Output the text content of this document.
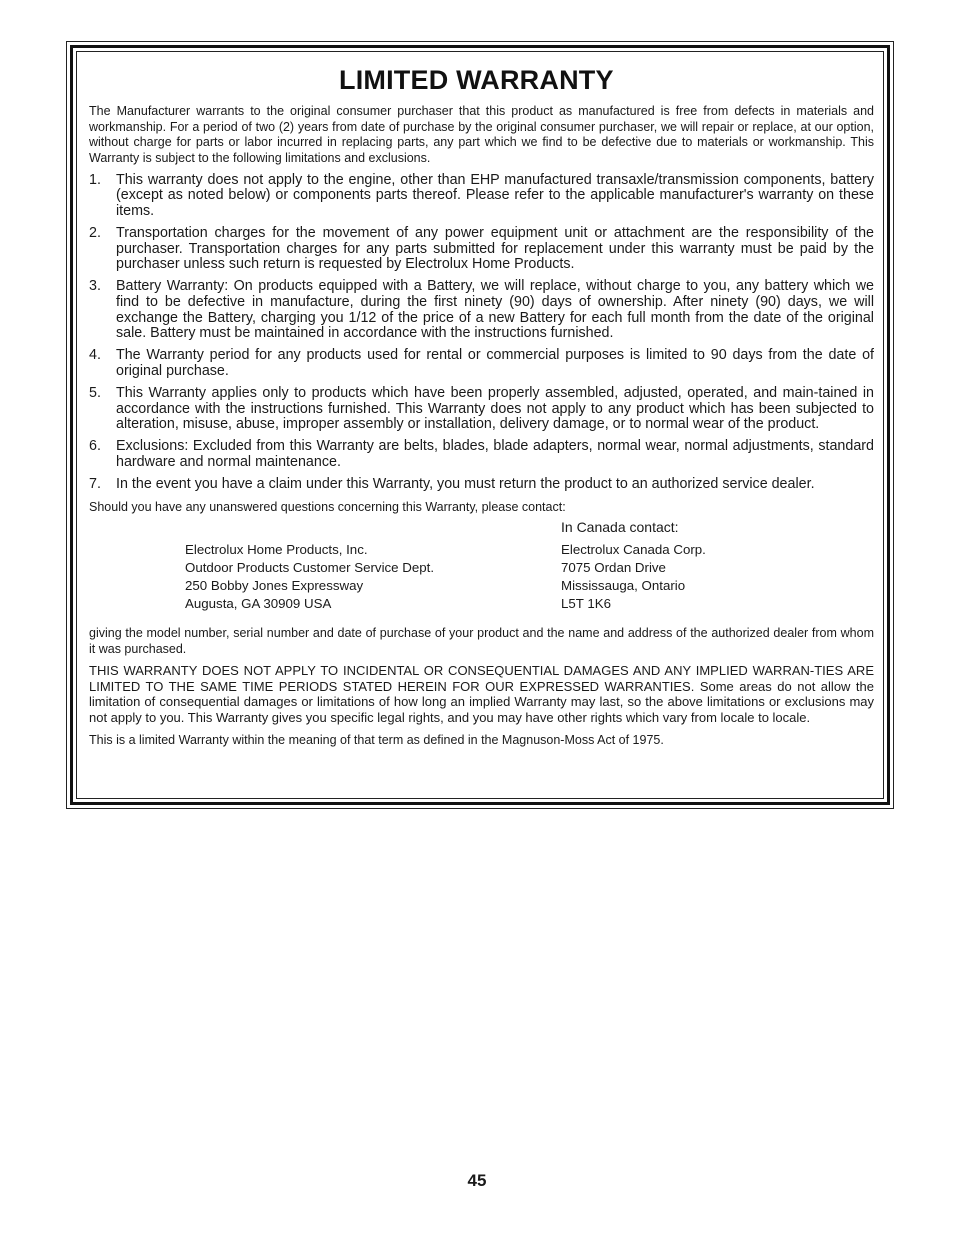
LIMITED WARRANTY

The Manufacturer warrants to the original consumer purchaser that this product as manufactured is free from defects in materials and workmanship. For a period of two (2) years from date of purchase by the original consumer purchaser, we will repair or replace, at our option, without charge for parts or labor incurred in replacing parts, any part which we find to be defective due to materials or workmanship. This Warranty is subject to the following limitations and exclusions.

1. This warranty does not apply to the engine, other than EHP manufactured transaxle/transmission components, battery (except as noted below) or components parts thereof. Please refer to the applicable manufacturer's warranty on these items.
2. Transportation charges for the movement of any power equipment unit or attachment are the responsibility of the purchaser. Transportation charges for any parts submitted for replacement under this warranty must be paid by the purchaser unless such return is requested by Electrolux Home Products.
3. Battery Warranty: On products equipped with a Battery, we will replace, without charge to you, any battery which we find to be defective in manufacture, during the first ninety (90) days of ownership. After ninety (90) days, we will exchange the Battery, charging you 1/12 of the price of a new Battery for each full month from the date of the original sale. Battery must be maintained in accordance with the instructions furnished.
4. The Warranty period for any products used for rental or commercial purposes is limited to 90 days from the date of original purchase.
5. This Warranty applies only to products which have been properly assembled, adjusted, operated, and main-tained in accordance with the instructions furnished. This Warranty does not apply to any product which has been subjected to alteration, misuse, abuse, improper assembly or installation, delivery damage, or to normal wear of the product.
6. Exclusions: Excluded from this Warranty are belts, blades, blade adapters, normal wear, normal adjustments, standard hardware and normal maintenance.
7. In the event you have a claim under this Warranty, you must return the product to an authorized service dealer.

Should you have any unanswered questions concerning this Warranty, please contact:

In Canada contact:
Electrolux Home Products, Inc.
Outdoor Products Customer Service Dept.
250 Bobby Jones Expressway
Augusta, GA 30909 USA
Electrolux Canada Corp.
7075 Ordan Drive
Mississauga, Ontario
L5T 1K6

giving the model number, serial number and date of purchase of your product and the name and address of the authorized dealer from whom it was purchased.

THIS WARRANTY DOES NOT APPLY TO INCIDENTAL OR CONSEQUENTIAL DAMAGES AND ANY IMPLIED WARRAN-TIES ARE LIMITED TO THE SAME TIME PERIODS STATED HEREIN FOR OUR EXPRESSED WARRANTIES. Some areas do not allow the limitation of consequential damages or limitations of how long an implied Warranty may last, so the above limitations or exclusions may not apply to you. This Warranty gives you specific legal rights, and you may have other rights which vary from locale to locale.

This is a limited Warranty within the meaning of that term as defined in the Magnuson-Moss Act of 1975.

45
